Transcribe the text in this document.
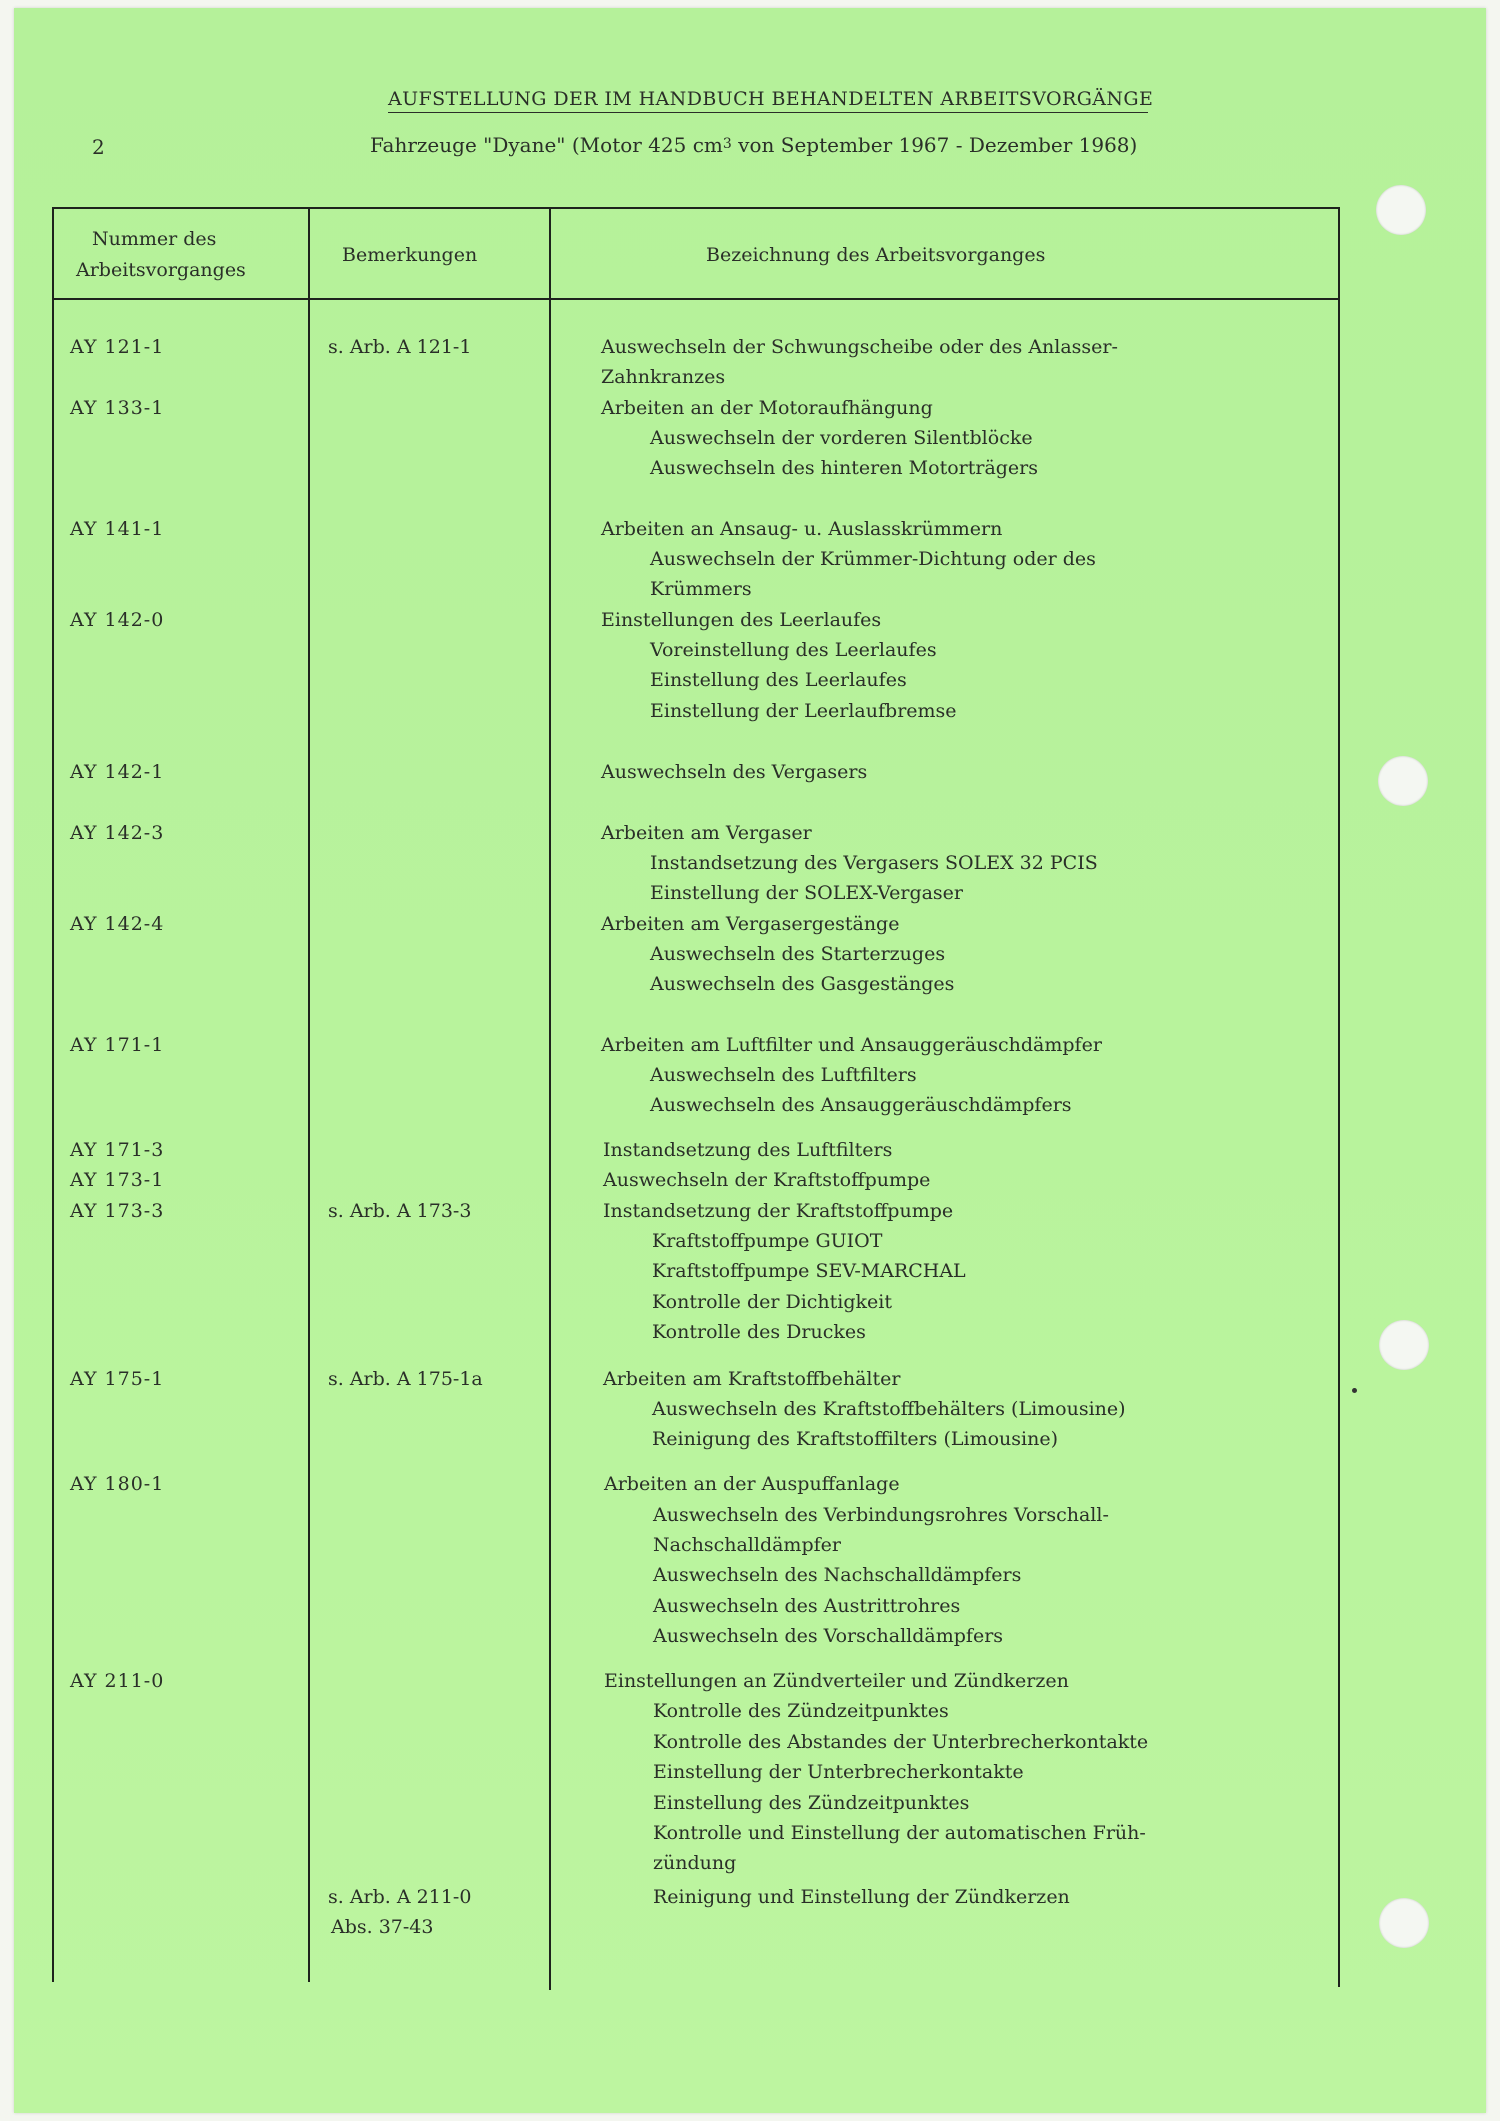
AUFSTELLUNG DER IM HANDBUCH BEHANDELTEN ARBEITSVORGÄNGE
2	Fahrzeuge "Dyane" (Motor 425 $cm^3$ von September 1967 - Dezember 1968)
Nummer des
Arbeitsvorganges
Bemerkungen	Bezeichnung des Arbeitsvorganges
AY 121-1
AY 133-1
AY 141-1
AY 142-0
AY 142-1
AY 142-3
AY 142-4
AY 171-1
AY 171-3
AY 173-1
AY 173-3
AY 175-1
AY 180-1
AY 211-0
s. Arb. A 121-1
s. Arb. A 173-3
s. Arb. A 175-1a
s. Arb. A 211-0
Abs. 37-43
Auswechseln der Schwungscheibe oder des Anlasser-
Zahnkranzes
Arbeiten an der Motoraufhängung
Auswechseln der vorderen Silentblöcke
Auswechseln des hinteren Motorträgers
Arbeiten an Ansaug- u. Auslasskrümmern
Auswechseln der Krümmer-Dichtung oder des
Krümmers
Einstellungen des Leerlaufes
Voreinstellung des Leerlaufes
Einstellung des Leerlaufes
Einstellung der Leerlaufbremse
Auswechseln des Vergasers
Arbeiten am Vergaser
Instandsetzung des Vergasers SOLEX 32 PCIS
Einstellung der SOLEX-Vergaser
Arbeiten am Vergasergestänge
Auswechseln des Starterzuges
Auswechseln des Gasgestänges
Arbeiten am Luftfilter und Ansauggeräuschdämpfer
Auswechseln des Luftfilters
Auswechseln des Ansauggeräuschdämpfers
Instandsetzung des Luftfilters
Auswechseln der Kraftstoffpumpe
Instandsetzung der Kraftstoffpumpe
Kraftstoffpumpe GUIOT
Kraftstoffpumpe SEV-MARCHAL
Kontrolle der Dichtigkeit
Kontrolle des Druckes
Arbeiten am Kraftstoffbehälter
Auswechseln des Kraftstoffbehälters (Limousine)
Reinigung des Kraftstoffilters (Limousine)
Arbeiten an der Auspuffanlage
Auswechseln des Verbindungsrohres Vorschall-
Nachschalldämpfer
Auswechseln des Nachschalldämpfers
Auswechseln des Austrittrohres
Auswechseln des Vorschalldämpfers
Einstellungen an Zündverteiler und Zündkerzen
Kontrolle des Zündzeitpunktes
Kontrolle des Abstandes der Unterbrecherkontakte
Einstellung der Unterbrecherkontakte
Einstellung des Zündzeitpunktes
Kontrolle und Einstellung der automatischen Früh-
zündung
Reinigung und Einstellung der Zündkerzen
